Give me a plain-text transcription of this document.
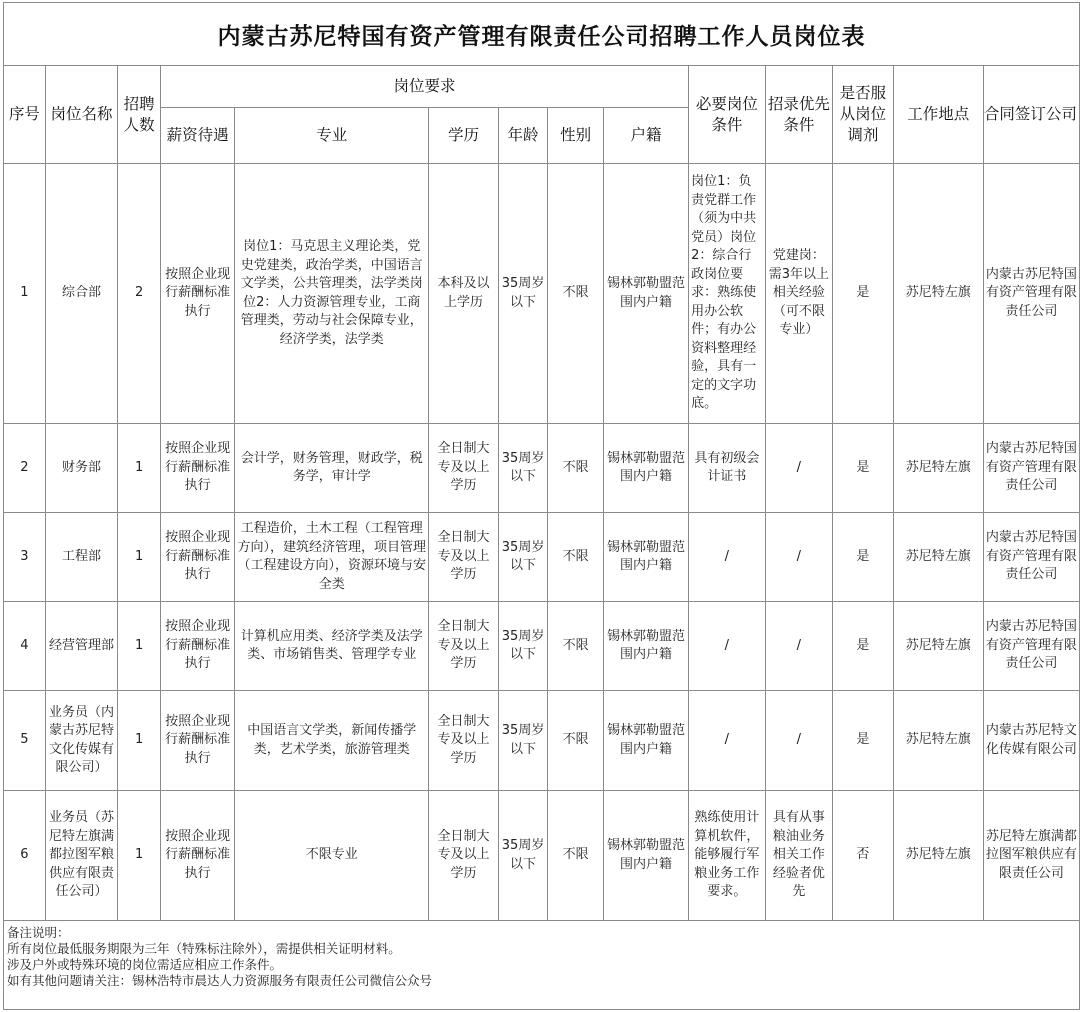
内蒙古苏尼特国有资产管理有限责任公司招聘工作人员岗位表													
序号	岗位名称	招聘人数	岗位要求						必要岗位条件	招录优先条件	是否服从岗位调剂	工作地点	合同签订公司
			薪资待遇	专业	学历	年龄	性别	户籍					
1	综合部	2	按照企业现行薪酬标准执行	岗位1：马克思主义理论类，党史党建类，政治学类，中国语言文学类，公共管理类，法学类岗位2：人力资源管理专业，工商管理类，劳动与社会保障专业，经济学类，法学类	本科及以上学历	35周岁以下	不限	锡林郭勒盟范围内户籍	岗位1：负责党群工作（须为中共党员）岗位2：综合行政岗位要求：熟练使用办公软件；有办公资料整理经验，具有一定的文字功底。	党建岗：需3年以上相关经验（可不限专业）	是	苏尼特左旗	内蒙古苏尼特国有资产管理有限责任公司
2	财务部	1	按照企业现行薪酬标准执行	会计学，财务管理，财政学，税务学，审计学	全日制大专及以上学历	35周岁以下	不限	锡林郭勒盟范围内户籍	具有初级会计证书	/	是	苏尼特左旗	内蒙古苏尼特国有资产管理有限责任公司
3	工程部	1	按照企业现行薪酬标准执行	工程造价，土木工程（工程管理方向），建筑经济管理，项目管理（工程建设方向），资源环境与安全类	全日制大专及以上学历	35周岁以下	不限	锡林郭勒盟范围内户籍	/	/	是	苏尼特左旗	内蒙古苏尼特国有资产管理有限责任公司
4	经营管理部	1	按照企业现行薪酬标准执行	计算机应用类、经济学类及法学类、市场销售类、管理学专业	全日制大专及以上学历	35周岁以下	不限	锡林郭勒盟范围内户籍	/	/	是	苏尼特左旗	内蒙古苏尼特国有资产管理有限责任公司
5	业务员（内蒙古苏尼特文化传媒有限公司）	1	按照企业现行薪酬标准执行	中国语言文学类，新闻传播学类，艺术学类，旅游管理类	全日制大专及以上学历	35周岁以下	不限	锡林郭勒盟范围内户籍	/	/	是	苏尼特左旗	内蒙古苏尼特文化传媒有限公司
6	业务员（苏尼特左旗满都拉图军粮供应有限责任公司）	1	按照企业现行薪酬标准执行	不限专业	全日制大专及以上学历	35周岁以下	不限	锡林郭勒盟范围内户籍	熟练使用计算机软件，能够履行军粮业务工作要求。	具有从事粮油业务相关工作经验者优先	否	苏尼特左旗	苏尼特左旗满都拉图军粮供应有限责任公司

备注说明：
所有岗位最低服务期限为三年（特殊标注除外），需提供相关证明材料。
涉及户外或特殊环境的岗位需适应相应工作条件。
如有其他问题请关注：锡林浩特市晨达人力资源服务有限责任公司微信公众号													
